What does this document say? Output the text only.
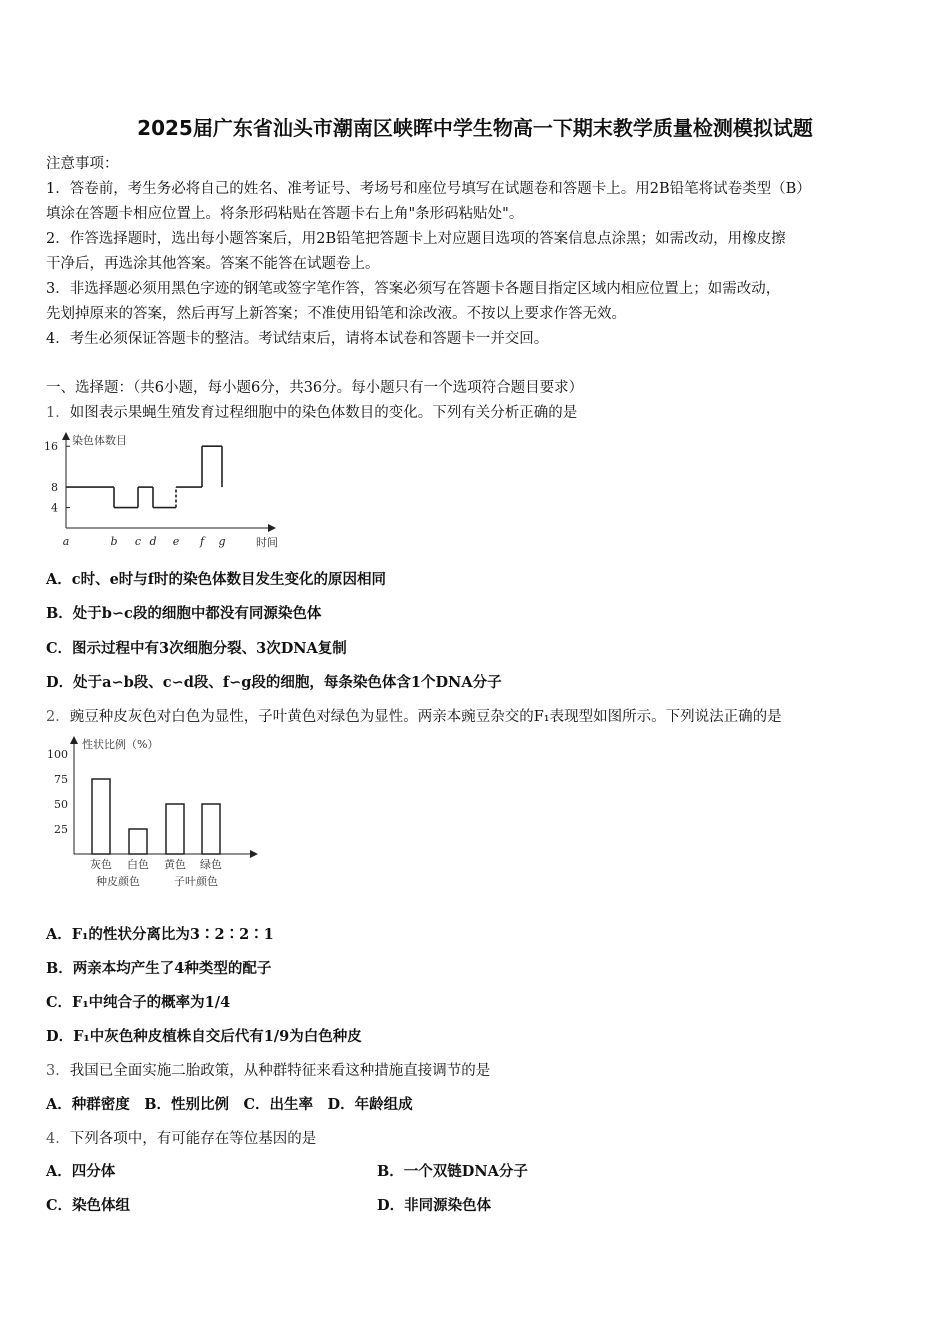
2025届广东省汕头市潮南区峡晖中学生物高一下期末教学质量检测模拟试题
注意事项：
1．答卷前，考生务必将自己的姓名、准考证号、考场号和座位号填写在试题卷和答题卡上。用2B铅笔将试卷类型（B）
填涂在答题卡相应位置上。将条形码粘贴在答题卡右上角"条形码粘贴处"。
2．作答选择题时，选出每小题答案后，用2B铅笔把答题卡上对应题目选项的答案信息点涂黑；如需改动，用橡皮擦
干净后，再选涂其他答案。答案不能答在试题卷上。
3．非选择题必须用黑色字迹的钢笔或签字笔作答，答案必须写在答题卡各题目指定区域内相应位置上；如需改动，
先划掉原来的答案，然后再写上新答案；不准使用铅笔和涂改液。不按以上要求作答无效。
4．考生必须保证答题卡的整洁。考试结束后，请将本试卷和答题卡一并交回。
一、选择题：（共6小题，每小题6分，共36分。每小题只有一个选项符合题目要求）
1．如图表示果蝇生殖发育过程细胞中的染色体数目的变化。下列有关分析正确的是
染色体数目
时间
4
8
16
a	b c d e f g
A．c时、e时与f时的染色体数目发生变化的原因相同
B．处于b∽c段的细胞中都没有同源染色体
C．图示过程中有3次细胞分裂、3次DNA复制
D．处于a∽b段、c∽d段、f∽g段的细胞，每条染色体含1个DNA分子
2．豌豆种皮灰色对白色为显性，子叶黄色对绿色为显性。两亲本豌豆杂交的F₁表现型如图所示。下列说法正确的是
性状比例（%）
25
50
75
100
灰色 白色 黄色 绿色
种皮颜色	子叶颜色
A．F₁的性状分离比为3∶2∶2∶1
B．两亲本均产生了4种类型的配子
C．F₁中纯合子的概率为1/4
D．F₁中灰色种皮植株自交后代有1/9为白色种皮
3．我国已全面实施二胎政策，从种群特征来看这种措施直接调节的是
A．种群密度　B．性别比例　C．出生率　D．年龄组成
4．下列各项中，有可能存在等位基因的是
A．四分体	B．一个双链DNA分子
C．染色体组	D．非同源染色体
